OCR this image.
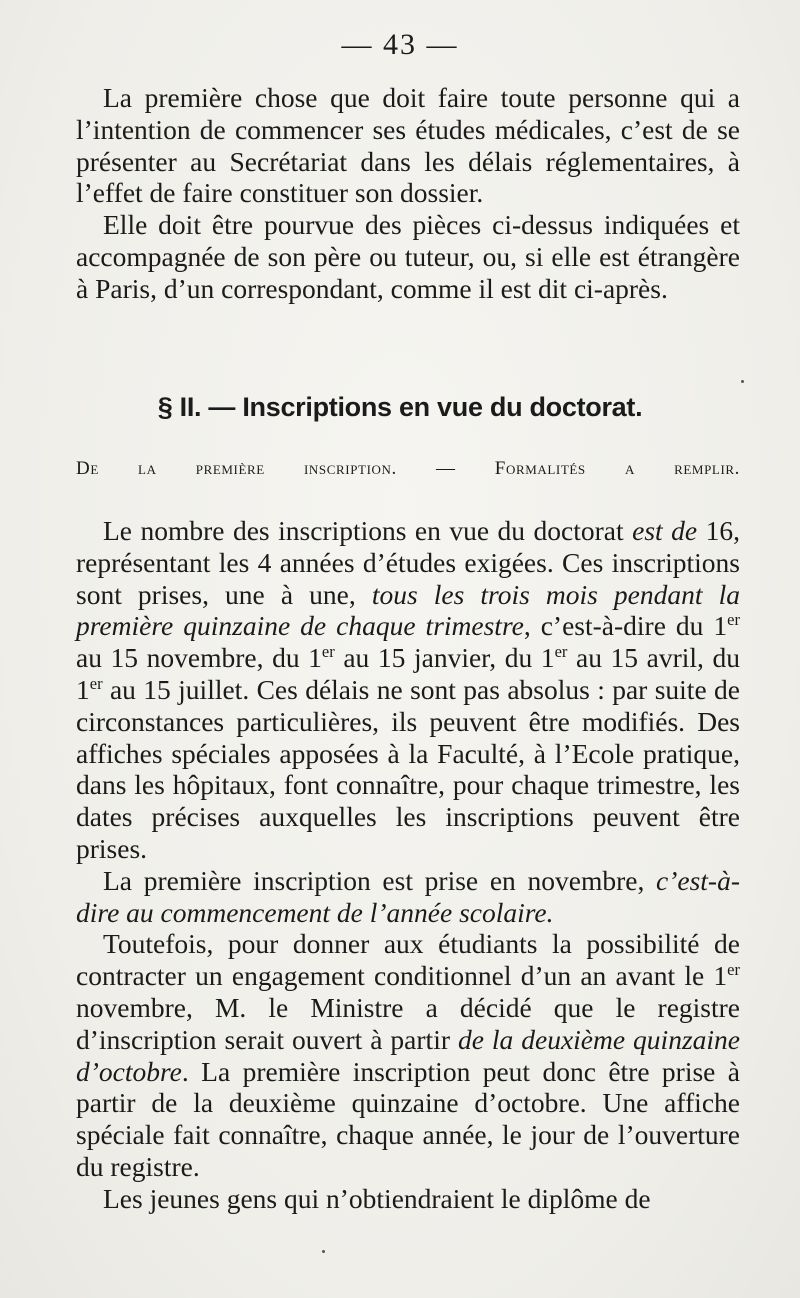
— 43 —

La première chose que doit faire toute personne qui a l’intention de commencer ses études médicales, c’est de se présenter au Secrétariat dans les délais réglementaires, à l’effet de faire constituer son dossier.

Elle doit être pourvue des pièces ci-dessus indiquées et accompagnée de son père ou tuteur, ou, si elle est étrangère à Paris, d’un correspondant, comme il est dit ci-après.

§ II. — Inscriptions en vue du doctorat.
De la première inscription. — Formalités a remplir.

Le nombre des inscriptions en vue du doctorat est de 16, représentant les 4 années d’études exigées. Ces inscriptions sont prises, une à une, tous les trois mois pendant la première quinzaine de chaque trimestre, c’est-à-dire du 1er au 15 novembre, du 1er au 15 janvier, du 1er au 15 avril, du 1er au 15 juillet. Ces délais ne sont pas absolus : par suite de circonstances particulières, ils peuvent être modifiés. Des affiches spéciales apposées à la Faculté, à l’Ecole pratique, dans les hôpitaux, font connaître, pour chaque trimestre, les dates précises auxquelles les inscriptions peuvent être prises.

La première inscription est prise en novembre, c’est-à-dire au commencement de l’année scolaire.

Toutefois, pour donner aux étudiants la possibilité de contracter un engagement conditionnel d’un an avant le 1er novembre, M. le Ministre a décidé que le registre d’inscription serait ouvert à partir de la deuxième quinzaine d’octobre. La première inscription peut donc être prise à partir de la deuxième quinzaine d’octobre. Une affiche spéciale fait connaître, chaque année, le jour de l’ouverture du registre.

Les jeunes gens qui n’obtiendraient le diplôme de
